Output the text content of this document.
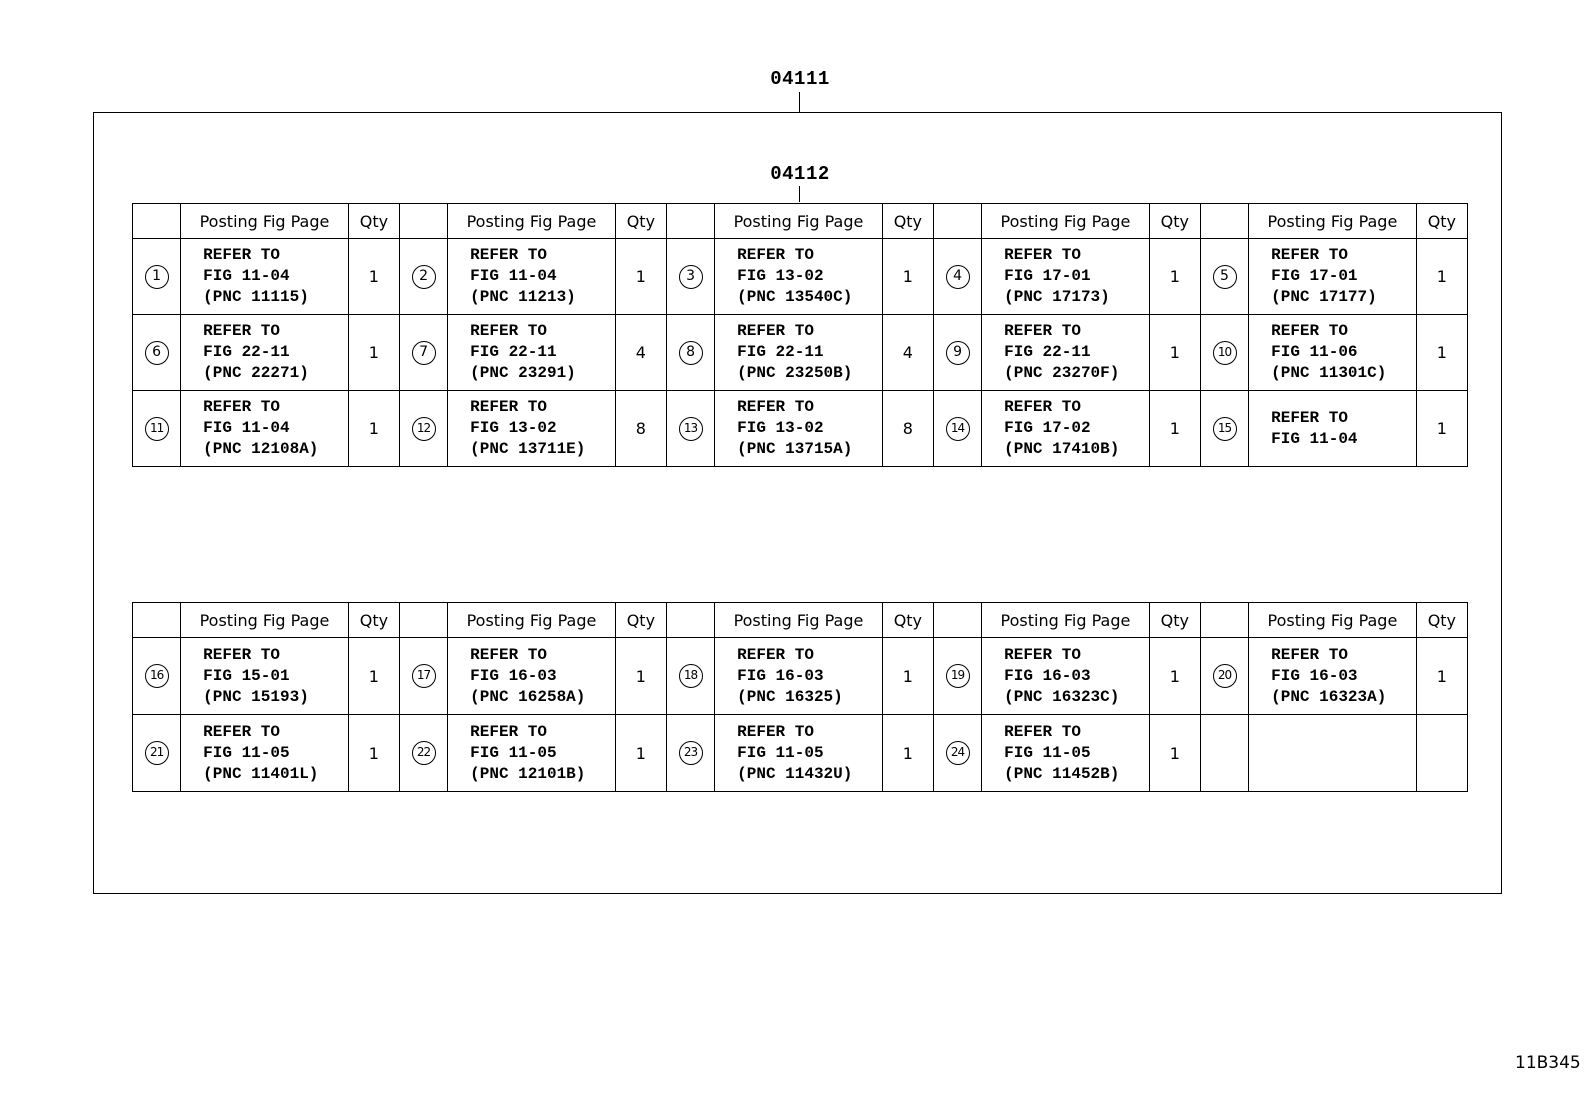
04111
04112
	Posting Fig Page	Qty		Posting Fig Page	Qty		Posting Fig Page	Qty		Posting Fig Page	Qty		Posting Fig Page	Qty
1	REFER TO
FIG 11-04
(PNC 11115)	1	2	REFER TO
FIG 11-04
(PNC 11213)	1	3	REFER TO
FIG 13-02
(PNC 13540C)	1	4	REFER TO
FIG 17-01
(PNC 17173)	1	5	REFER TO
FIG 17-01
(PNC 17177)	1
6	REFER TO
FIG 22-11
(PNC 22271)	1	7	REFER TO
FIG 22-11
(PNC 23291)	4	8	REFER TO
FIG 22-11
(PNC 23250B)	4	9	REFER TO
FIG 22-11
(PNC 23270F)	1	10	REFER TO
FIG 11-06
(PNC 11301C)	1
11	REFER TO
FIG 11-04
(PNC 12108A)	1	12	REFER TO
FIG 13-02
(PNC 13711E)	8	13	REFER TO
FIG 13-02
(PNC 13715A)	8	14	REFER TO
FIG 17-02
(PNC 17410B)	1	15	REFER TO
FIG 11-04	1
	Posting Fig Page	Qty		Posting Fig Page	Qty		Posting Fig Page	Qty		Posting Fig Page	Qty		Posting Fig Page	Qty
16	REFER TO
FIG 15-01
(PNC 15193)	1	17	REFER TO
FIG 16-03
(PNC 16258A)	1	18	REFER TO
FIG 16-03
(PNC 16325)	1	19	REFER TO
FIG 16-03
(PNC 16323C)	1	20	REFER TO
FIG 16-03
(PNC 16323A)	1
21	REFER TO
FIG 11-05
(PNC 11401L)	1	22	REFER TO
FIG 11-05
(PNC 12101B)	1	23	REFER TO
FIG 11-05
(PNC 11432U)	1	24	REFER TO
FIG 11-05
(PNC 11452B)	1			
11B345
